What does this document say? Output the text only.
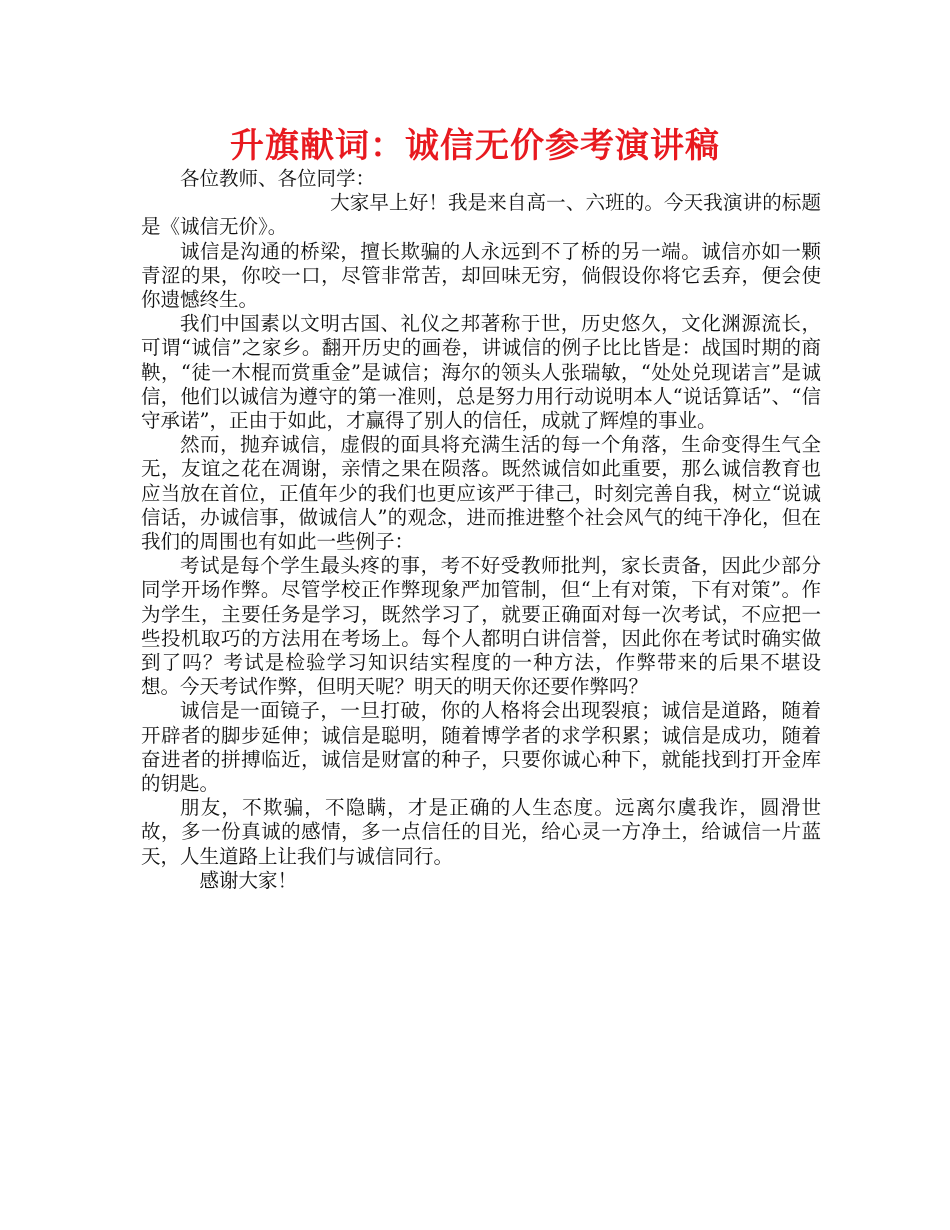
升旗献词：诚信无价参考演讲稿

各位教师、各位同学：

大家早上好！我是来自高一、六班的。今天我演讲的标题是《诚信无价》。

诚信是沟通的桥梁，擅长欺骗的人永远到不了桥的另一端。诚信亦如一颗青涩的果，你咬一口，尽管非常苦，却回味无穷，倘假设你将它丢弃，便会使你遗憾终生。

我们中国素以文明古国、礼仪之邦著称于世，历史悠久，文化渊源流长，可谓“诚信”之家乡。翻开历史的画卷，讲诚信的例子比比皆是：战国时期的商鞅，“徒一木棍而赏重金”是诚信；海尔的领头人张瑞敏，“处处兑现诺言”是诚信，他们以诚信为遵守的第一准则，总是努力用行动说明本人“说话算话”、“信守承诺”，正由于如此，才赢得了别人的信任，成就了辉煌的事业。

然而，抛弃诚信，虚假的面具将充满生活的每一个角落，生命变得生气全无，友谊之花在凋谢，亲情之果在陨落。既然诚信如此重要，那么诚信教育也应当放在首位，正值年少的我们也更应该严于律己，时刻完善自我，树立“说诚信话，办诚信事，做诚信人”的观念，进而推进整个社会风气的纯干净化，但在我们的周围也有如此一些例子：

考试是每个学生最头疼的事，考不好受教师批判，家长责备，因此少部分同学开场作弊。尽管学校正作弊现象严加管制，但“上有对策，下有对策”。作为学生，主要任务是学习，既然学习了，就要正确面对每一次考试，不应把一些投机取巧的方法用在考场上。每个人都明白讲信誉，因此你在考试时确实做到了吗？考试是检验学习知识结实程度的一种方法，作弊带来的后果不堪设想。今天考试作弊，但明天呢？明天的明天你还要作弊吗？

诚信是一面镜子，一旦打破，你的人格将会出现裂痕；诚信是道路，随着开辟者的脚步延伸；诚信是聪明，随着博学者的求学积累；诚信是成功，随着奋进者的拼搏临近，诚信是财富的种子，只要你诚心种下，就能找到打开金库的钥匙。

朋友，不欺骗，不隐瞒，才是正确的人生态度。远离尔虞我诈，圆滑世故，多一份真诚的感情，多一点信任的目光，给心灵一方净土，给诚信一片蓝天，人生道路上让我们与诚信同行。

感谢大家！
